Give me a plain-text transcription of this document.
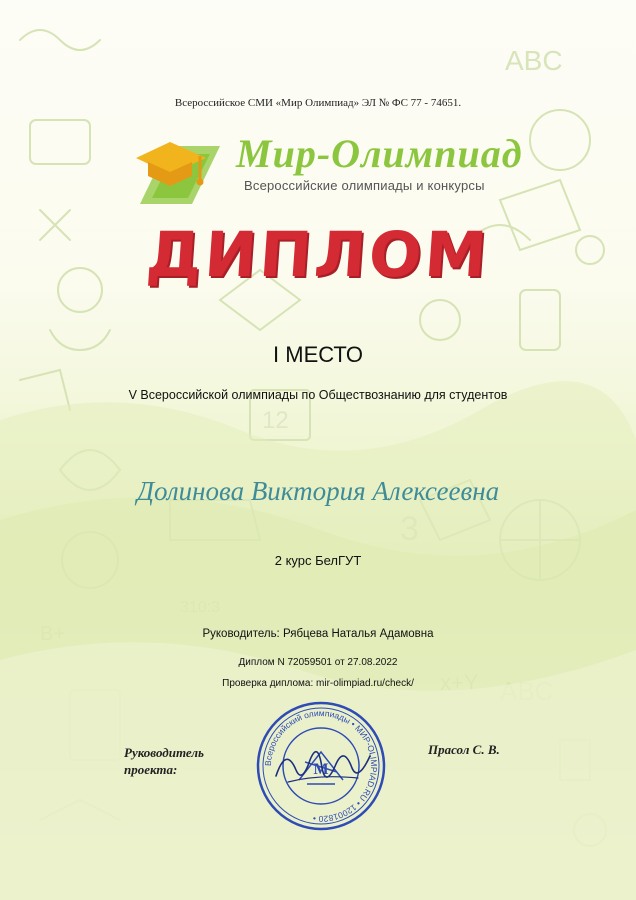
ABC
12
Всероссийское СМИ «Мир Олимпиад» ЭЛ № ФС 77 - 74651.
Мир-Олимпиад
Всероссийские олимпиады и конкурсы
ДИПЛОМ
I МЕСТО
V Всероссийской олимпиады по Обществознанию для студентов
Долинова Виктория Алексеевна
2 курс БелГУТ
Руководитель: Рябцева Наталья Адамовна
Диплом N 72059501 от 27.08.2022
Проверка диплома: mir-olimpiad.ru/check/
Руководитель
проекта:
Прасол С. В.
Всероссийский олимпиады • МИР-OLIMPIAD.RU • 12001820 •
М
